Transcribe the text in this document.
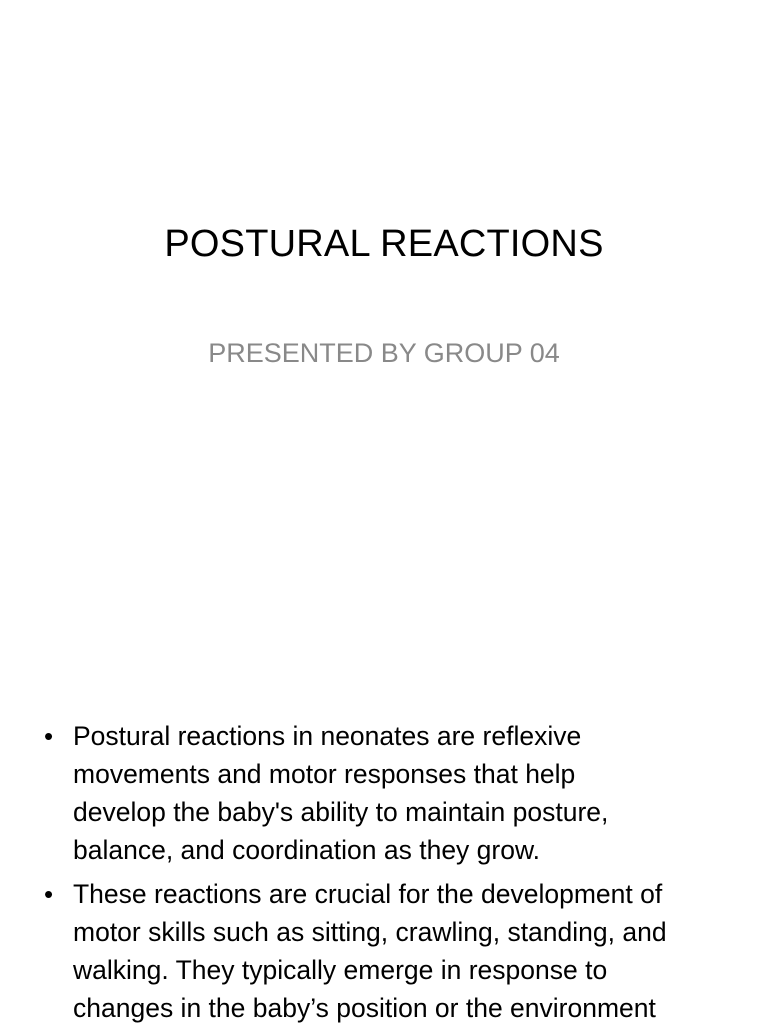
POSTURAL REACTIONS
PRESENTED BY GROUP 04
• Postural reactions in neonates are reflexive
movements and motor responses that help
develop the baby's ability to maintain posture,
balance, and coordination as they grow.
• These reactions are crucial for the development of
motor skills such as sitting, crawling, standing, and
walking. They typically emerge in response to
changes in the baby’s position or the environment
